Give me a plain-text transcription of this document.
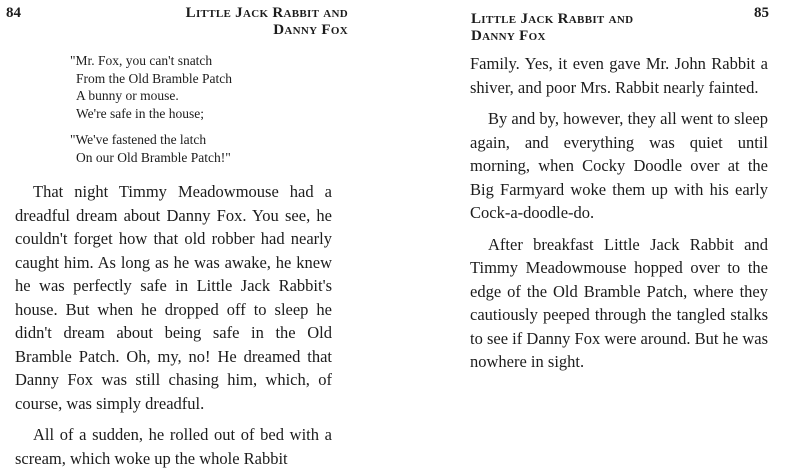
84	Little Jack Rabbit and
Danny Fox
"Mr. Fox, you can't snatch
From the Old Bramble Patch
A bunny or mouse.
We're safe in the house;
"We've fastened the latch
On our Old Bramble Patch!"

That night Timmy Meadowmouse had a dreadful dream about Danny Fox. You see, he couldn't forget how that old robber had nearly caught him. As long as he was awake, he knew he was perfectly safe in Little Jack Rabbit's house. But when he dropped off to sleep he didn't dream about being safe in the Old Bramble Patch. Oh, my, no! He dreamed that Danny Fox was still chasing him, which, of course, was simply dreadful.

All of a sudden, he rolled out of bed with a scream, which woke up the whole Rabbit

Little Jack Rabbit and
Danny Fox
85

Family. Yes, it even gave Mr. John Rabbit a shiver, and poor Mrs. Rabbit nearly fainted.

By and by, however, they all went to sleep again, and everything was quiet until morning, when Cocky Doodle over at the Big Farmyard woke them up with his early Cock-a-doodle-do.

After breakfast Little Jack Rabbit and Timmy Meadowmouse hopped over to the edge of the Old Bramble Patch, where they cautiously peeped through the tangled stalks to see if Danny Fox were around. But he was nowhere in sight.
